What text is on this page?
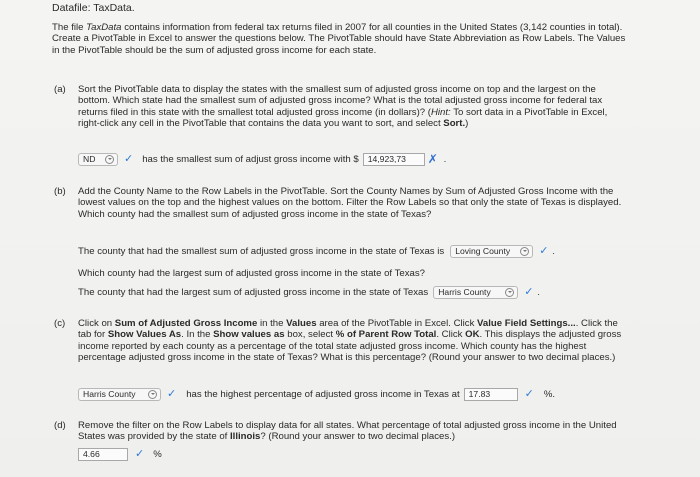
Datafile: TaxData.
The file TaxData contains information from federal tax returns filed in 2007 for all counties in the United States (3,142 counties in total). Create a PivotTable in Excel to answer the questions below. The PivotTable should have State Abbreviation as Row Labels. The Values in the PivotTable should be the sum of adjusted gross income for each state.
(a) Sort the PivotTable data to display the states with the smallest sum of adjusted gross income on top and the largest on the bottom. Which state had the smallest sum of adjusted gross income? What is the total adjusted gross income for federal tax returns filed in this state with the smallest total adjusted gross income (in dollars)? (Hint: To sort data in a PivotTable in Excel, right-click any cell in the PivotTable that contains the data you want to sort, and select Sort.)
ND	✓ has the smallest sum of adjust gross income with $	14,923,73	✗ .
(b) Add the County Name to the Row Labels in the PivotTable. Sort the County Names by Sum of Adjusted Gross Income with the lowest values on the top and the highest values on the bottom. Filter the Row Labels so that only the state of Texas is displayed. Which county had the smallest sum of adjusted gross income in the state of Texas?
The county that had the smallest sum of adjusted gross income in the state of Texas is Loving County	✓ .
Which county had the largest sum of adjusted gross income in the state of Texas?
The county that had the largest sum of adjusted gross income in the state of Texas Harris County	✓ .
(c) Click on Sum of Adjusted Gross Income in the Values area of the PivotTable in Excel. Click Value Field Settings.... Click the tab for Show Values As. In the Show values as box, select % of Parent Row Total. Click OK. This displays the adjusted gross income reported by each county as a percentage of the total state adjusted gross income. Which county has the highest percentage adjusted gross income in the state of Texas? What is this percentage? (Round your answer to two decimal places.)
Harris County	✓ has the highest percentage of adjusted gross income in Texas at	17.83	✓ %.
(d) Remove the filter on the Row Labels to display data for all states. What percentage of total adjusted gross income in the United States was provided by the state of Illinois? (Round your answer to two decimal places.)
4.66	✓ %
